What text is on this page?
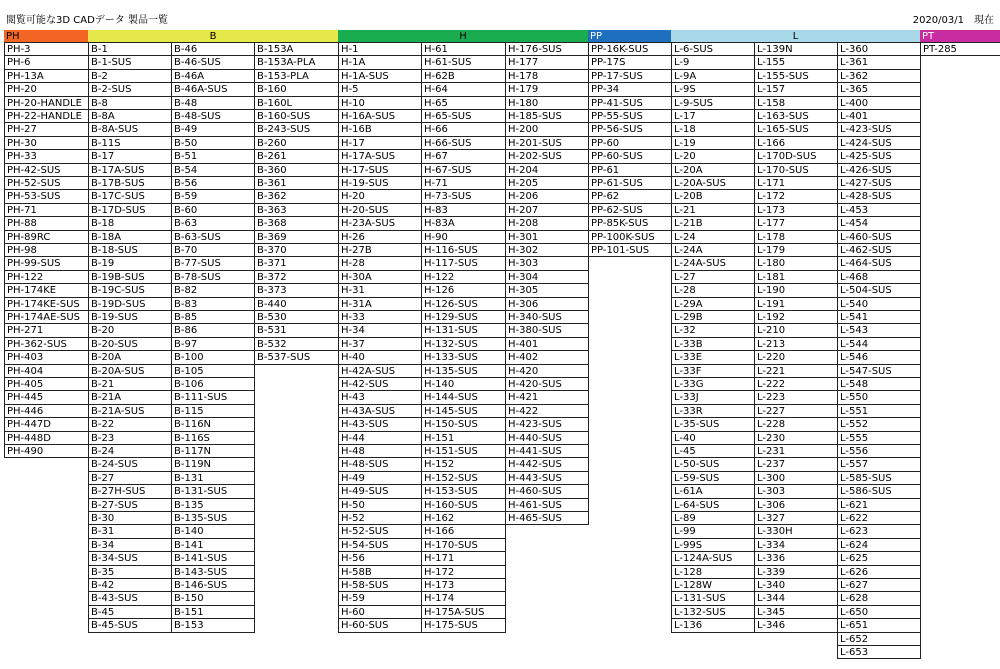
閲覧可能な3D CADデータ 製品一覧	2020/03/1　現在
PH
PH-3
PH-6
PH-13A
PH-20
PH-20-HANDLE
PH-22-HANDLE
PH-27
PH-30
PH-33
PH-42-SUS
PH-52-SUS
PH-53-SUS
PH-71
PH-88
PH-89RC
PH-98
PH-99-SUS
PH-122
PH-174KE
PH-174KE-SUS
PH-174AE-SUS
PH-271
PH-362-SUS
PH-403
PH-404
PH-405
PH-445
PH-446
PH-447D
PH-448D
PH-490
B
B-1
B-1-SUS
B-2
B-2-SUS
B-8
B-8A
B-8A-SUS
B-11S
B-17
B-17A-SUS
B-17B-SUS
B-17C-SUS
B-17D-SUS
B-18
B-18A
B-18-SUS
B-19
B-19B-SUS
B-19C-SUS
B-19D-SUS
B-19-SUS
B-20
B-20-SUS
B-20A
B-20A-SUS
B-21
B-21A
B-21A-SUS
B-22
B-23
B-24
B-24-SUS
B-27
B-27H-SUS
B-27-SUS
B-30
B-31
B-34
B-34-SUS
B-35
B-42
B-43-SUS
B-45
B-45-SUS
B-46
B-46-SUS
B-46A
B-46A-SUS
B-48
B-48-SUS
B-49
B-50
B-51
B-54
B-56
B-59
B-60
B-63
B-63-SUS
B-70
B-77-SUS
B-78-SUS
B-82
B-83
B-85
B-86
B-97
B-100
B-105
B-106
B-111-SUS
B-115
B-116N
B-116S
B-117N
B-119N
B-131
B-131-SUS
B-135
B-135-SUS
B-140
B-141
B-141-SUS
B-143-SUS
B-146-SUS
B-150
B-151
B-153
B-153A
B-153A-PLA
B-153-PLA
B-160
B-160L
B-160-SUS
B-243-SUS
B-260
B-261
B-360
B-361
B-362
B-363
B-368
B-369
B-370
B-371
B-372
B-373
B-440
B-530
B-531
B-532
B-537-SUS
H
H-1
H-1A
H-1A-SUS
H-5
H-10
H-16A-SUS
H-16B
H-17
H-17A-SUS
H-17-SUS
H-19-SUS
H-20
H-20-SUS
H-23A-SUS
H-26
H-27B
H-28
H-30A
H-31
H-31A
H-33
H-34
H-37
H-40
H-42A-SUS
H-42-SUS
H-43
H-43A-SUS
H-43-SUS
H-44
H-48
H-48-SUS
H-49
H-49-SUS
H-50
H-52
H-52-SUS
H-54-SUS
H-56
H-58B
H-58-SUS
H-59
H-60
H-60-SUS
H-61
H-61-SUS
H-62B
H-64
H-65
H-65-SUS
H-66
H-66-SUS
H-67
H-67-SUS
H-71
H-73-SUS
H-83
H-83A
H-90
H-116-SUS
H-117-SUS
H-122
H-126
H-126-SUS
H-129-SUS
H-131-SUS
H-132-SUS
H-133-SUS
H-135-SUS
H-140
H-144-SUS
H-145-SUS
H-150-SUS
H-151
H-151-SUS
H-152
H-152-SUS
H-153-SUS
H-160-SUS
H-162
H-166
H-170-SUS
H-171
H-172
H-173
H-174
H-175A-SUS
H-175-SUS
H-176-SUS
H-177
H-178
H-179
H-180
H-185-SUS
H-200
H-201-SUS
H-202-SUS
H-204
H-205
H-206
H-207
H-208
H-301
H-302
H-303
H-304
H-305
H-306
H-340-SUS
H-380-SUS
H-401
H-402
H-420
H-420-SUS
H-421
H-422
H-423-SUS
H-440-SUS
H-441-SUS
H-442-SUS
H-443-SUS
H-460-SUS
H-461-SUS
H-465-SUS
PP
PP-16K-SUS
PP-17S
PP-17-SUS
PP-34
PP-41-SUS
PP-55-SUS
PP-56-SUS
PP-60
PP-60-SUS
PP-61
PP-61-SUS
PP-62
PP-62-SUS
PP-85K-SUS
PP-100K-SUS
PP-101-SUS
L
L-6-SUS
L-9
L-9A
L-9S
L-9-SUS
L-17
L-18
L-19
L-20
L-20A
L-20A-SUS
L-20B
L-21
L-21B
L-24
L-24A
L-24A-SUS
L-27
L-28
L-29A
L-29B
L-32
L-33B
L-33E
L-33F
L-33G
L-33J
L-33R
L-35-SUS
L-40
L-45
L-50-SUS
L-59-SUS
L-61A
L-64-SUS
L-89
L-99
L-99S
L-124A-SUS
L-128
L-128W
L-131-SUS
L-132-SUS
L-136
L-139N
L-155
L-155-SUS
L-157
L-158
L-163-SUS
L-165-SUS
L-166
L-170D-SUS
L-170-SUS
L-171
L-172
L-173
L-177
L-178
L-179
L-180
L-181
L-190
L-191
L-192
L-210
L-213
L-220
L-221
L-222
L-223
L-227
L-228
L-230
L-231
L-237
L-300
L-303
L-306
L-327
L-330H
L-334
L-336
L-339
L-340
L-344
L-345
L-346
L-360
L-361
L-362
L-365
L-400
L-401
L-423-SUS
L-424-SUS
L-425-SUS
L-426-SUS
L-427-SUS
L-428-SUS
L-453
L-454
L-460-SUS
L-462-SUS
L-464-SUS
L-468
L-504-SUS
L-540
L-541
L-543
L-544
L-546
L-547-SUS
L-548
L-550
L-551
L-552
L-555
L-556
L-557
L-585-SUS
L-586-SUS
L-621
L-622
L-623
L-624
L-625
L-626
L-627
L-628
L-650
L-651
L-652
L-653
PT
PT-285
